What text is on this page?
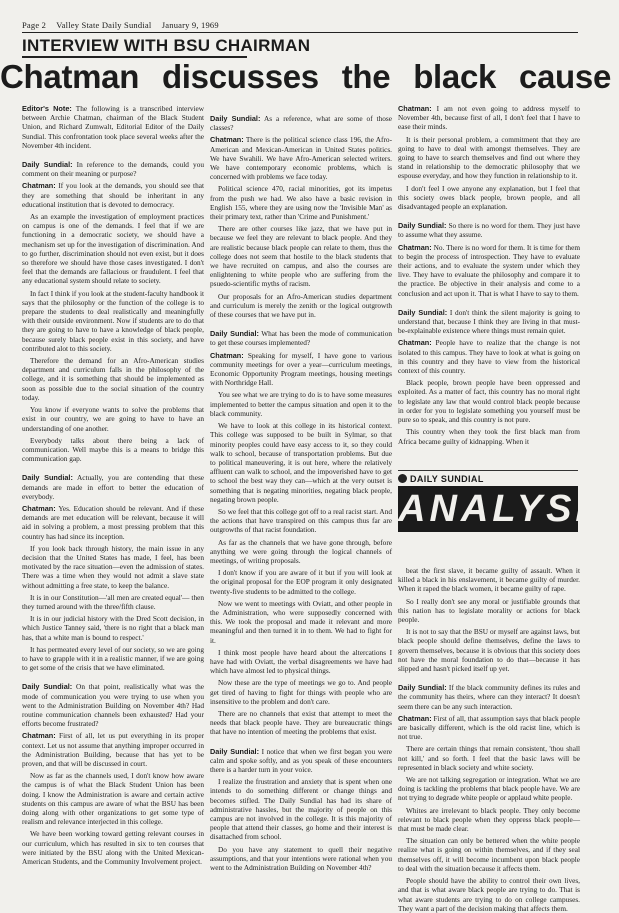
Page 2 Valley State Daily Sundial January 9, 1969
INTERVIEW WITH BSU CHAIRMAN
Chatman discusses the black cause

Editor's Note: The following is a transcribed interview between Archie Chatman, chairman of the Black Student Union, and Richard Zumwalt, Editorial Editor of the Daily Sundial. This confrontation took place several weeks after the November 4th incident.

Daily Sundial: In reference to the demands, could you comment on their meaning or purpose?

Chatman: If you look at the demands, you should see that they are something that should be inheritant in any educational institution that is devoted to democracy.

As an example the investigation of employment practices on campus is one of the demands. I feel that if we are functioning in a democratic society, we should have a mechanism set up for the investigation of discrimination. And to go further, discrimination should not even exist, but it does so therefore we should have those cases investigated. I don't feel that the demands are fallacious or fraudulent. I feel that any educational system should relate to society.

In fact I think if you look at the student-faculty handbook it says that the philosophy or the function of the college is to prepare the students to deal realistically and meaningfully with their outside environment. Now if students are to do that they are going to have to have a knowledge of black people, because surely black people exist in this society, and have contributed alot to this society.

Therefore the demand for an Afro-American studies department and curriculum falls in the philosophy of the college, and it is something that should be implemented as soon as possible due to the social situation of the country today.

You know if everyone wants to solve the problems that exist in our country, we are going to have to have an understanding of one another.

Everybody talks about there being a lack of communication. Well maybe this is a means to bridge this communication gap.

Daily Sundial: Actually, you are contending that these demands are made in effort to better the education of everybody.

Chatman: Yes. Education should be relevant. And if these demands are met education will be relevant, because it will aid in solving a problem, a most pressing problem that this country has had since its inception.

If you look back through history, the main issue in any decision that the United States has made, I feel, has been motivated by the race situation—even the admission of states. There was a time when they would not admit a slave state without admitting a free state, to keep the balance.

It is in our Constitution—'all men are created equal'— then they turned around with the three/fifth clause.

It is in our judicial history with the Dred Scott decision, in which Justice Tanney said, 'there is no right that a black man has, that a white man is bound to respect.'

It has permeated every level of our society, so we are going to have to grapple with it in a realistic manner, if we are going to get some of the crisis that we have eliminated.

Daily Sundial: On that point, realistically what was the mode of communication you were trying to use when you went to the Administration Building on November 4th? Had routine communication channels been exhausted? Had your efforts become frustrated?

Chatman: First of all, let us put everything in its proper context. Let us not assume that anything improper occurred in the Administration Building, because that has yet to be proven, and that will be discussed in court.

Now as far as the channels used, I don't know how aware the campus is of what the Black Student Union has been doing. I know the Administration is aware and certain active students on this campus are aware of what the BSU has been doing along with other organizations to get some type of realism and relevance interjected in this college.

We have been working toward getting relevant courses in our curriculum, which has resulted in six to ten courses that were initiated by the BSU along with the United Mexican-American Students, and the Community Involvement project.

Daily Sundial: As a reference, what are some of those classes?

Chatman: There is the political science class 196, the Afro-American and Mexican-American in United States politics. We have Swahili. We have Afro-American selected writers. We have contemporary economic problems, which is concerned with problems we face today.

Political science 470, racial minorities, got its impetus from the push we had. We also have a basic revision in English 155, where they are using now the 'Invisible Man' as their primary text, rather than 'Crime and Punishment.'

There are other courses like jazz, that we have put in because we feel they are relevant to black people. And they are realistic because black people can relate to them, thus the college does not seem that hostile to the black students that we have recruited on campus, and also the courses are enlightening to white people who are suffering from the psuedo-scientific myths of racism.

Our proposals for an Afro-American studies department and curriculum is merely the zenith or the logical outgrowth of these courses that we have put in.

Daily Sundial: What has been the mode of communication to get these courses implemented?

Chatman: Speaking for myself, I have gone to various community meetings for over a year—curriculum meetings, Economic Opportunity Program meetings, housing meetings with Northridge Hall.

You see what we are trying to do is to have some measures implemented to better the campus situation and open it to the black community.

We have to look at this college in its historical context. This college was supposed to be built in Sylmar, so that minority peoples could have easy access to it, so they could walk to school, because of transportation problems. But due to political maneuvering, it is out here, where the relatively affluent can walk to school, and the impoverished have to get to school the best way they can—which at the very outset is something that is negating minorities, negating black people, negating brown people.

So we feel that this college got off to a real racist start. And the actions that have transpired on this campus thus far are outgrowths of that racist foundation.

As far as the channels that we have gone through, before anything we were going through the logical channels of meetings, of writing proposals.

I don't know if you are aware of it but if you will look at the original proposal for the EOP program it only designated twenty-five students to be admitted to the college.

Now we went to meetings with Oviatt, and other people in the Administration, who were supposedly concerned with this. We took the proposal and made it relevant and more meaningful and then turned it in to them. We had to fight for it.

I think most people have heard about the altercations I have had with Oviatt, the verbal disagreements we have had which have almost led to physical things.

Now these are the type of meetings we go to. And people get tired of having to fight for things with people who are insensitive to the problem and don't care.

There are no channels that exist that attempt to meet the needs that black people have. They are bureaucratic things that have no intention of meeting the problems that exist.

Daily Sundial: I notice that when we first began you were calm and spoke softly, and as you speak of these encounters there is a harder turn in your voice.

I realize the frustration and anxiety that is spent when one intends to do something different or change things and becomes stifled. The Daily Sundial has had its share of administrative hassles, but the majority of people on this campus are not involved in the college. It is this majority of people that attend their classes, go home and their interest is disattached from school.

Do you have any statement to quell their negative assumptions, and that your intentions were rational when you went to the Administration Building on November 4th?

Chatman: I am not even going to address myself to November 4th, because first of all, I don't feel that I have to ease their minds.

It is their personal problem, a commitment that they are going to have to deal with amongst themselves. They are going to have to search themselves and find out where they stand in relationship to the democratic philosophy that we espouse everyday, and how they function in relationship to it.

I don't feel I owe anyone any explanation, but I feel that this society owes black people, brown people, and all disadvantaged people an explanation.

Daily Sundial: So there is no word for them. They just have to assume what they assume.

Chatman: No. There is no word for them. It is time for them to begin the process of introspection. They have to evaluate their actions, and to evaluate the system under which they live. They have to evaluate the philosophy and compare it to the practice. Be objective in their analysis and come to a conclusion and act upon it. That is what I have to say to them.

Daily Sundial: I don't think the silent majority is going to understand that, because I think they are living in that must-be-explainable existence where things must remain quiet.

Chatman: People have to realize that the change is not isolated to this campus. They have to look at what is going on in this country and they have to view from the historical context of this country.

Black people, brown people have been oppressed and exploited. As a matter of fact, this country has no moral right to legislate any law that would control black people because in order for you to legislate something you yourself must be pure so to speak, and this country is not pure.

This country when they took the first black man from Africa became guilty of kidnapping. When it

DAILY SUNDIAL
ANALYSIS

beat the first slave, it became guilty of assault. When it killed a black in his enslavement, it became guilty of murder. When it raped the black women, it became guilty of rape.

So I really don't see any moral or justifiable grounds that this nation has to legislate morality or actions for black people.

It is not to say that the BSU or myself are against laws, but black people should define themselves, define the laws to govern themselves, because it is obvious that this society does not have the moral foundation to do that—because it has slipped and hasn't picked itself up yet.

Daily Sundial: If the black community defines its rules and the community has theirs, where can they interact? It doesn't seem there can be any such interaction.

Chatman: First of all, that assumption says that black people are basically different, which is the old racist line, which is not true.

There are certain things that remain consistent, 'thou shall not kill,' and so forth. I feel that the basic laws will be represented in black society and white society.

We are not talking segregation or integration. What we are doing is tackling the problems that black people have. We are not trying to degrade white people or applaud white people.

Whites are irrelevant to black people. They only become relevant to black people when they oppress black people—that must be made clear.

The situation can only be bettered when the white people realize what is going on within themselves, and if they seal themselves off, it will become incumbent upon black people to deal with the situation because it affects them.

People should have the ability to control their own lives, and that is what aware black people are trying to do. That is what aware students are trying to do on college campuses. They want a part of the decision making that affects them.
